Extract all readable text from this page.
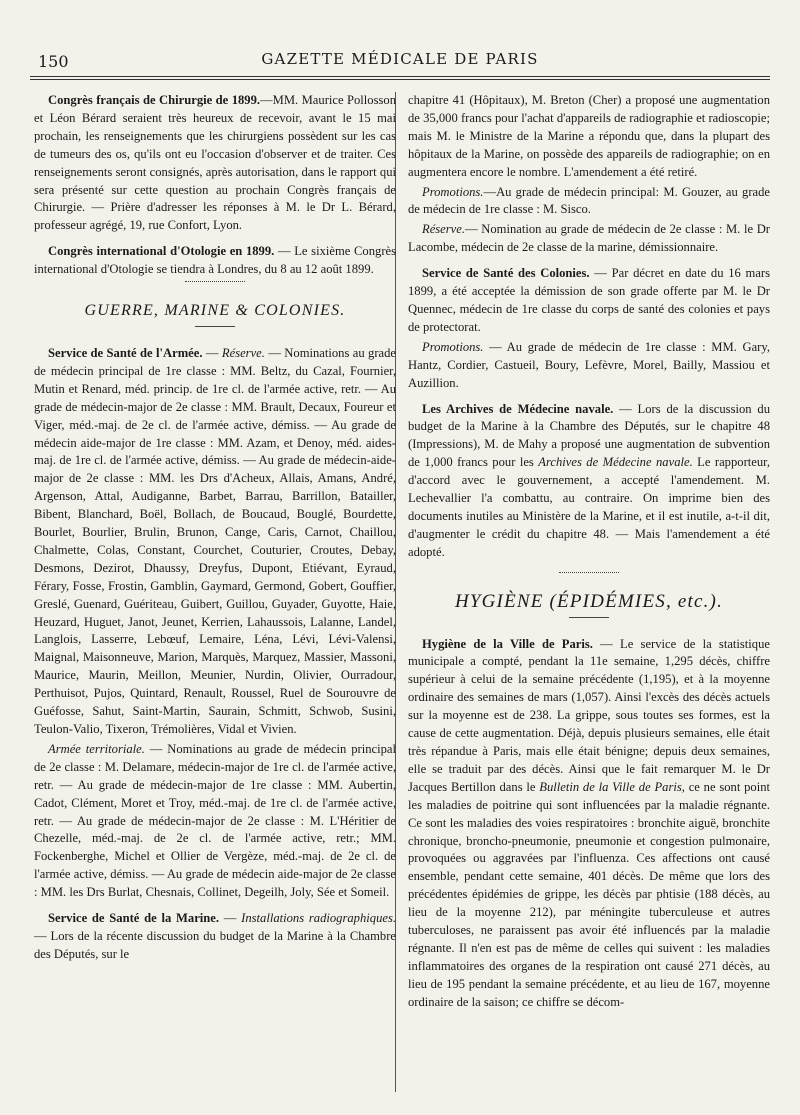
150	GAZETTE MÉDICALE DE PARIS

Congrès français de Chirurgie de 1899.—MM. Maurice Pollosson et Léon Bérard seraient très heureux de recevoir, avant le 15 mai prochain, les renseignements que les chirurgiens possèdent sur les cas de tumeurs des os, qu'ils ont eu l'occasion d'observer et de traiter. Ces renseignements seront consignés, après autorisation, dans le rapport qui sera présenté sur cette question au prochain Congrès français de Chirurgie. — Prière d'adresser les réponses à M. le Dr L. Bérard, professeur agrégé, 19, rue Confort, Lyon.

Congrès international d'Otologie en 1899. — Le sixième Congrès international d'Otologie se tiendra à Londres, du 8 au 12 août 1899.

GUERRE, MARINE & COLONIES.

Service de Santé de l'Armée. — Réserve. — Nominations au grade de médecin principal de 1re classe : MM. Beltz, du Cazal, Fournier, Mutin et Renard, méd. princip. de 1re cl. de l'armée active, retr. — Au grade de médecin-major de 2e classe : MM. Brault, Decaux, Foureur et Viger, méd.-maj. de 2e cl. de l'armée active, démiss. — Au grade de médecin aide-major de 1re classe : MM. Azam, et Denoy, méd. aides-maj. de 1re cl. de l'armée active, démiss. — Au grade de médecin-aide-major de 2e classe : MM. les Drs d'Acheux, Allais, Amans, André, Argenson, Attal, Audiganne, Barbet, Barrau, Barrillon, Batailler, Bibent, Blanchard, Boël, Bollach, de Boucaud, Bouglé, Bourdette, Bourlet, Bourlier, Brulin, Brunon, Cange, Caris, Carnot, Chaillou, Chalmette, Colas, Constant, Courchet, Couturier, Croutes, Debay, Desmons, Dezirot, Dhaussy, Dreyfus, Dupont, Etiévant, Eyraud, Férary, Fosse, Frostin, Gamblin, Gaymard, Germond, Gobert, Gouffier, Greslé, Guenard, Guériteau, Guibert, Guillou, Guyader, Guyotte, Haie, Heuzard, Huguet, Janot, Jeunet, Kerrien, Lahaussois, Lalanne, Landel, Langlois, Lasserre, Lebœuf, Lemaire, Léna, Lévi, Lévi-Valensi, Maignal, Maisonneuve, Marion, Marquès, Marquez, Massier, Massoni, Maurice, Maurin, Meillon, Meunier, Nurdin, Olivier, Ourradour, Perthuisot, Pujos, Quintard, Renault, Roussel, Ruel de Sourouvre de Guéfosse, Sahut, Saint-Martin, Saurain, Schmitt, Schwob, Susini, Teulon-Valio, Tixeron, Trémolières, Vidal et Vivien.

Armée territoriale. — Nominations au grade de médecin principal de 2e classe : M. Delamare, médecin-major de 1re cl. de l'armée active, retr. — Au grade de médecin-major de 1re classe : MM. Aubertin, Cadot, Clément, Moret et Troy, méd.-maj. de 1re cl. de l'armée active, retr. — Au grade de médecin-major de 2e classe : M. L'Héritier de Chezelle, méd.-maj. de 2e cl. de l'armée active, retr.; MM. Fockenberghe, Michel et Ollier de Vergèze, méd.-maj. de 2e cl. de l'armée active, démiss. — Au grade de médecin aide-major de 2e classe : MM. les Drs Burlat, Chesnais, Collinet, Degeilh, Joly, Sée et Someil.

Service de Santé de la Marine. — Installations radiographiques. — Lors de la récente discussion du budget de la Marine à la Chambre des Députés, sur le

chapitre 41 (Hôpitaux), M. Breton (Cher) a proposé une augmentation de 35,000 francs pour l'achat d'appareils de radiographie et radioscopie; mais M. le Ministre de la Marine a répondu que, dans la plupart des hôpitaux de la Marine, on possède des appareils de radiographie; on en augmentera encore le nombre. L'amendement a été retiré.

Promotions.—Au grade de médecin principal: M. Gouzer, au grade de médecin de 1re classe : M. Sisco.

Réserve.— Nomination au grade de médecin de 2e classe : M. le Dr Lacombe, médecin de 2e classe de la marine, démissionnaire.

Service de Santé des Colonies. — Par décret en date du 16 mars 1899, a été acceptée la démission de son grade offerte par M. le Dr Quennec, médecin de 1re classe du corps de santé des colonies et pays de protectorat.

Promotions. — Au grade de médecin de 1re classe : MM. Gary, Hantz, Cordier, Castueil, Boury, Lefèvre, Morel, Bailly, Massiou et Auzillion.

Les Archives de Médecine navale. — Lors de la discussion du budget de la Marine à la Chambre des Députés, sur le chapitre 48 (Impressions), M. de Mahy a proposé une augmentation de subvention de 1,000 francs pour les Archives de Médecine navale. Le rapporteur, d'accord avec le gouvernement, a accepté l'amendement. M. Lechevallier l'a combattu, au contraire. On imprime bien des documents inutiles au Ministère de la Marine, et il est inutile, a-t-il dit, d'augmenter le crédit du chapitre 48. — Mais l'amendement a été adopté.

HYGIÈNE (ÉPIDÉMIES, etc.).

Hygiène de la Ville de Paris. — Le service de la statistique municipale a compté, pendant la 11e semaine, 1,295 décès, chiffre supérieur à celui de la semaine précédente (1,195), et à la moyenne ordinaire des semaines de mars (1,057). Ainsi l'excès des décès actuels sur la moyenne est de 238. La grippe, sous toutes ses formes, est la cause de cette augmentation. Déjà, depuis plusieurs semaines, elle était très répandue à Paris, mais elle était bénigne; depuis deux semaines, elle se traduit par des décès. Ainsi que le fait remarquer M. le Dr Jacques Bertillon dans le Bulletin de la Ville de Paris, ce ne sont point les maladies de poitrine qui sont influencées par la maladie régnante. Ce sont les maladies des voies respiratoires : bronchite aiguë, bronchite chronique, broncho-pneumonie, pneumonie et congestion pulmonaire, provoquées ou aggravées par l'influenza. Ces affections ont causé ensemble, pendant cette semaine, 401 décès. De même que lors des précédentes épidémies de grippe, les décès par phtisie (188 décès, au lieu de la moyenne 212), par méningite tuberculeuse et autres tuberculoses, ne paraissent pas avoir été influencés par la maladie régnante. Il n'en est pas de même de celles qui suivent : les maladies inflammatoires des organes de la respiration ont causé 271 décès, au lieu de 195 pendant la semaine précédente, et au lieu de 167, moyenne ordinaire de la saison; ce chiffre se décom-
